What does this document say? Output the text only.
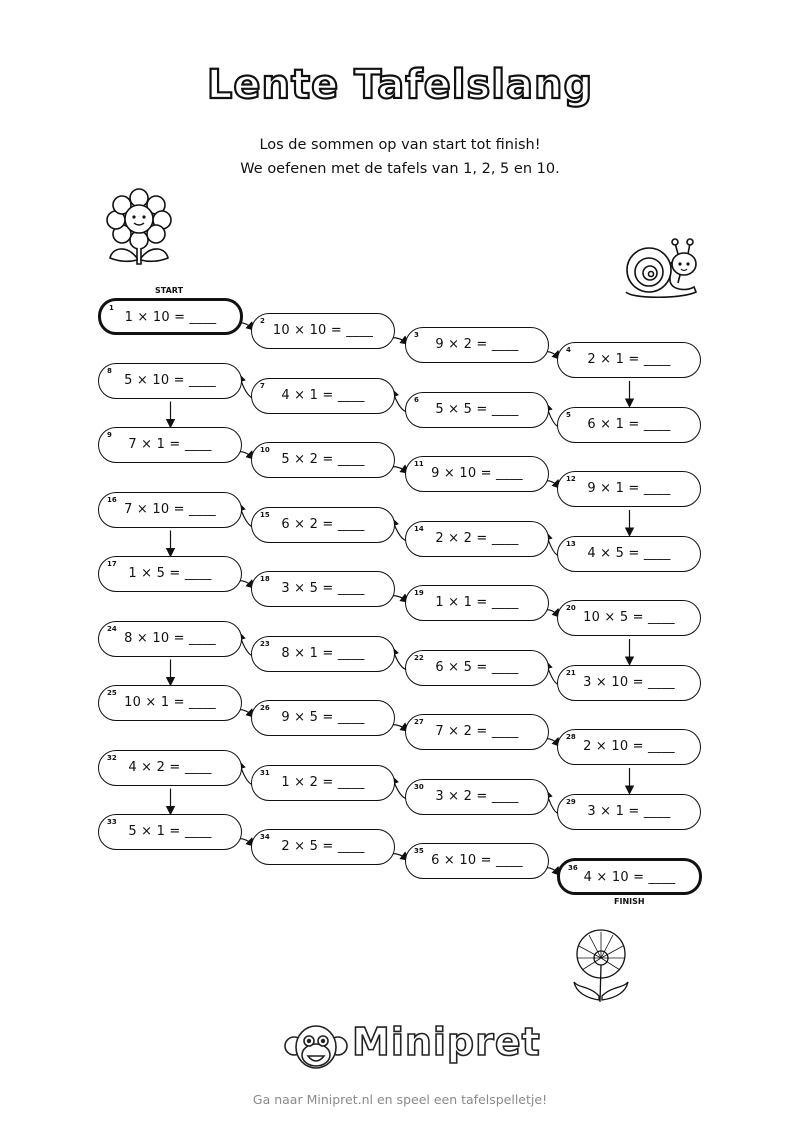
Lente Tafelslang
Los de sommen op van start tot finish!
We oefenen met de tafels van 1, 2, 5 en 10.
START
1
1 × 10 = ____	2
10 × 10 = ____	3
9 × 2 = ____	4
2 × 1 = ____
5
6 × 1 = ____
6
5 × 5 = ____
7
4 × 1 = ____
8
5 × 10 = ____
9
7 × 1 = ____	10
5 × 2 = ____	11
9 × 10 = ____	12
9 × 1 = ____
13
4 × 5 = ____
14
2 × 2 = ____
15
6 × 2 = ____
16
7 × 10 = ____
17
1 × 5 = ____	18
3 × 5 = ____	19
1 × 1 = ____	20
10 × 5 = ____
21
3 × 10 = ____
22
6 × 5 = ____
23
8 × 1 = ____
24
8 × 10 = ____
25
10 × 1 = ____	26
9 × 5 = ____	27
7 × 2 = ____	28
2 × 10 = ____
29
3 × 1 = ____
30
3 × 2 = ____
31
1 × 2 = ____
32
4 × 2 = ____
33
5 × 1 = ____	34
2 × 5 = ____	35
6 × 10 = ____	36
4 × 10 = ____
FINISH
Minipret
Ga naar Minipret.nl en speel een tafelspelletje!
